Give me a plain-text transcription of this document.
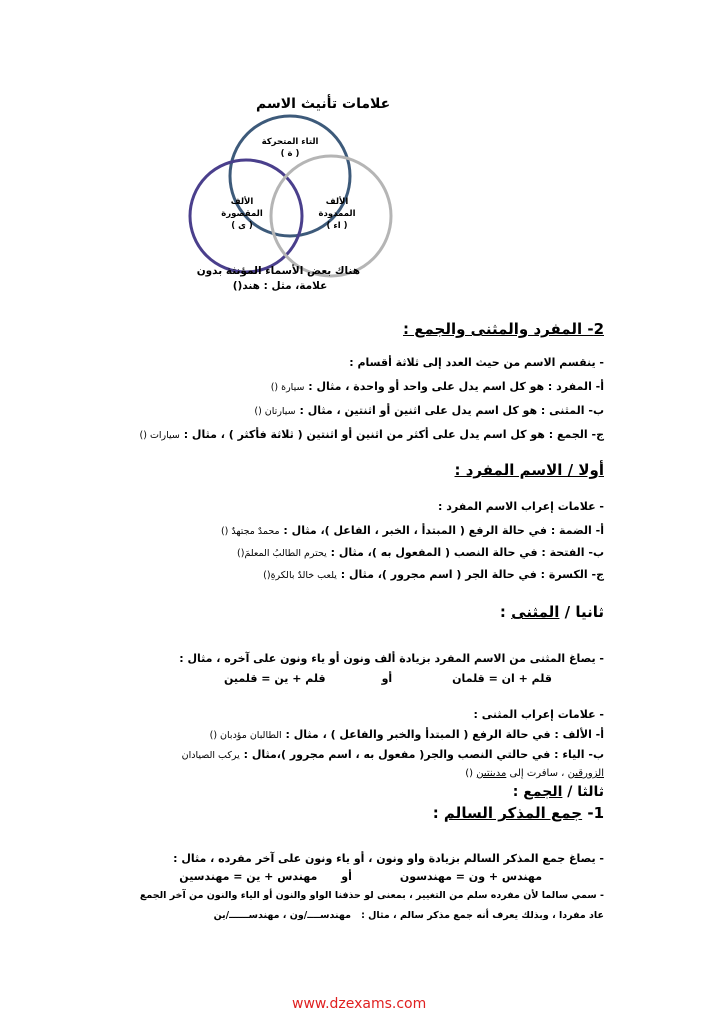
علامات تأنيث الاسم
التاء المتحركة
( ة )
الألف
المقصورة
( ى )
الألف
الممدودة
( اء )
هناك بعض الأسماء المؤنثة بدون
علامة، مثل : هند()
2- المفرد والمثنى والجمع :
- ينقسم الاسم من حيث العدد إلى ثلاثة أقسام :
أ- المفرد : هو كل اسم يدل على واحد أو واحدة ، مثال : سيارة ()
ب- المثنى : هو كل اسم يدل على اثنين أو اثنتين ، مثال : سيارتان ()
ج- الجمع : هو كل اسم يدل على أكثر من اثنين أو اثنتين ( ثلاثة فأكثر ) ، مثال : سيارات ()
أولا / الاسم المفرد :
- علامات إعراب الاسم المفرد :
أ- الضمة : في حالة الرفع ( المبتدأ ، الخبر ، الفاعل )، مثال : محمدٌ مجتهدٌ ()
ب- الفتحة : في حالة النصب ( المفعول به )، مثال : يحترم الطالبُ المعلمَ()
ج- الكسرة : في حالة الجر ( اسم مجرور )، مثال : يلعب خالدٌ بالكرةِ()
ثانيا / المثنى :
- يصاغ المثنى من الاسم المفرد بزيادة ألف ونون أو ياء ونون على آخره ، مثال :
قلم + ان = قلمانأوقلم + ين = قلمين
- علامات إعراب المثنى :
أ- الألف : في حالة الرفع ( المبتدأ والخبر والفاعل ) ، مثال : الطالبان مؤدبان ()
ب- الياء : في حالتي النصب والجر( مفعول به ، اسم مجرور )،مثال : يركب الصيادان
الزورقين ، سافرت إلى مدينتين ()
ثالثا / الجمع :
1- جمع المذكر السالم :
- يصاغ جمع المذكر السالم بزيادة واو ونون ، أو ياء ونون على آخر مفرده ، مثال :
مهندس + ون = مهندسونأومهندس + ين = مهندسين
- سمي سالما لأن مفرده سلم من التغيير ، بمعنى لو حذفنا الواو والنون أو الياء والنون من آخر الجمع
عاد مفردا ، وبذلك يعرف أنه جمع مذكر سالم ، مثال :مهندســــ/ون ، مهندســــــ/ين
www.dzexams.com
